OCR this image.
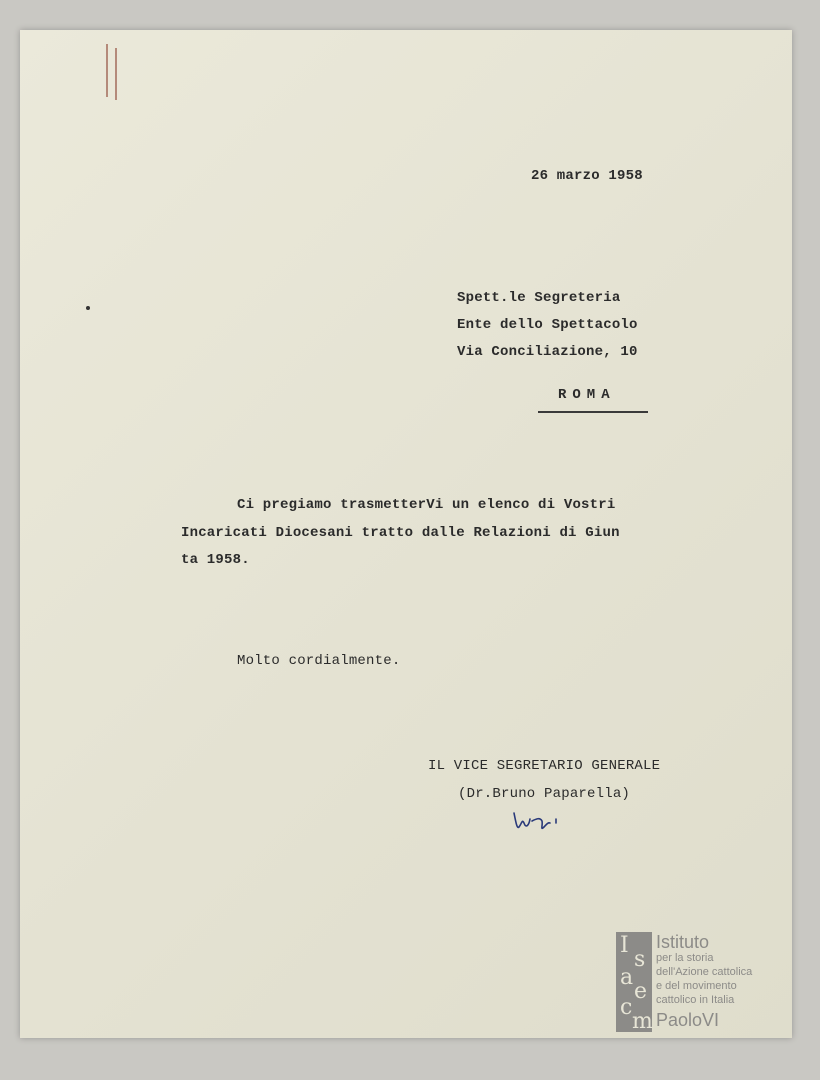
26 marzo 1958
Spett.le Segreteria
Ente dello Spettacolo
Via Conciliazione, 10
ROMA
Ci pregiamo trasmetterVi un elenco di Vostri
Incaricati Diocesani tratto dalle Relazioni di Giun
ta 1958.
Molto cordialmente.
IL VICE SEGRETARIO GENERALE
(Dr.Bruno Paparella)
I
s
a
e
c
m
Istituto
per la storia
dell'Azione cattolica
e del movimento
cattolico in Italia
PaoloVI
